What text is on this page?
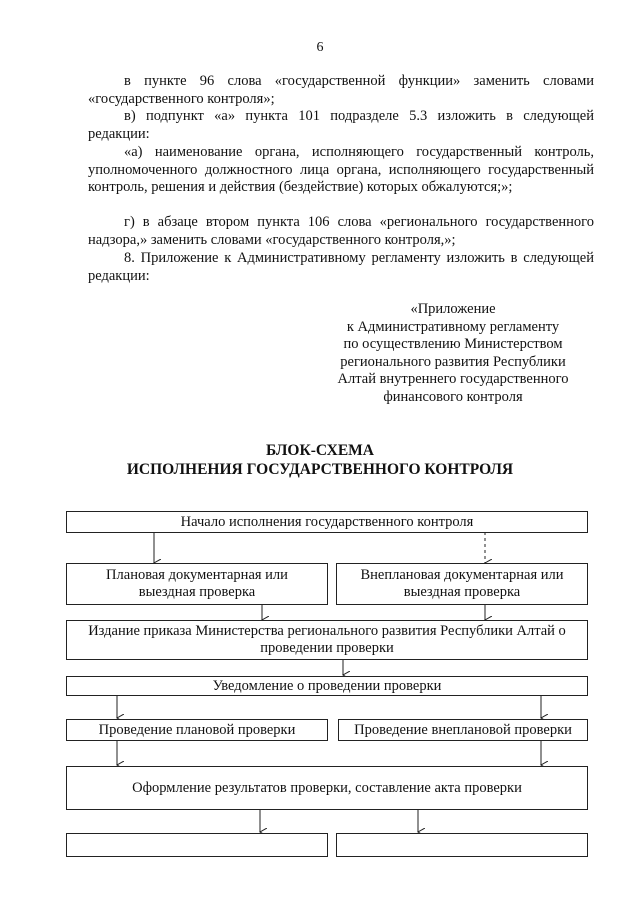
6

в пункте 96 слова «государственной функции» заменить словами «государственного контроля»;

в) подпункт «а» пункта 101 подразделе 5.3 изложить в следующей редакции:

«а) наименование органа, исполняющего государственный контроль, уполномоченного должностного лица органа, исполняющего государственный контроль, решения и действия (бездействие) которых обжалуются;»;

г) в абзаце втором пункта 106 слова «регионального государственного надзора,» заменить словами «государственного контроля,»;

8. Приложение к Административному регламенту изложить в следующей редакции:

«Приложение
к Административному регламенту
по осуществлению Министерством
регионального развития Республики
Алтай внутреннего государственного
финансового контроля
БЛОК-СХЕМА
ИСПОЛНЕНИЯ ГОСУДАРСТВЕННОГО КОНТРОЛЯ
Начало исполнения государственного контроля
Плановая документарная или выездная проверка
Внеплановая документарная или выездная проверка
Издание приказа Министерства регионального развития Республики Алтай о проведении проверки
Уведомление о проведении проверки
Проведение плановой проверки	Проведение внеплановой проверки
Оформление результатов проверки, составление акта проверки
